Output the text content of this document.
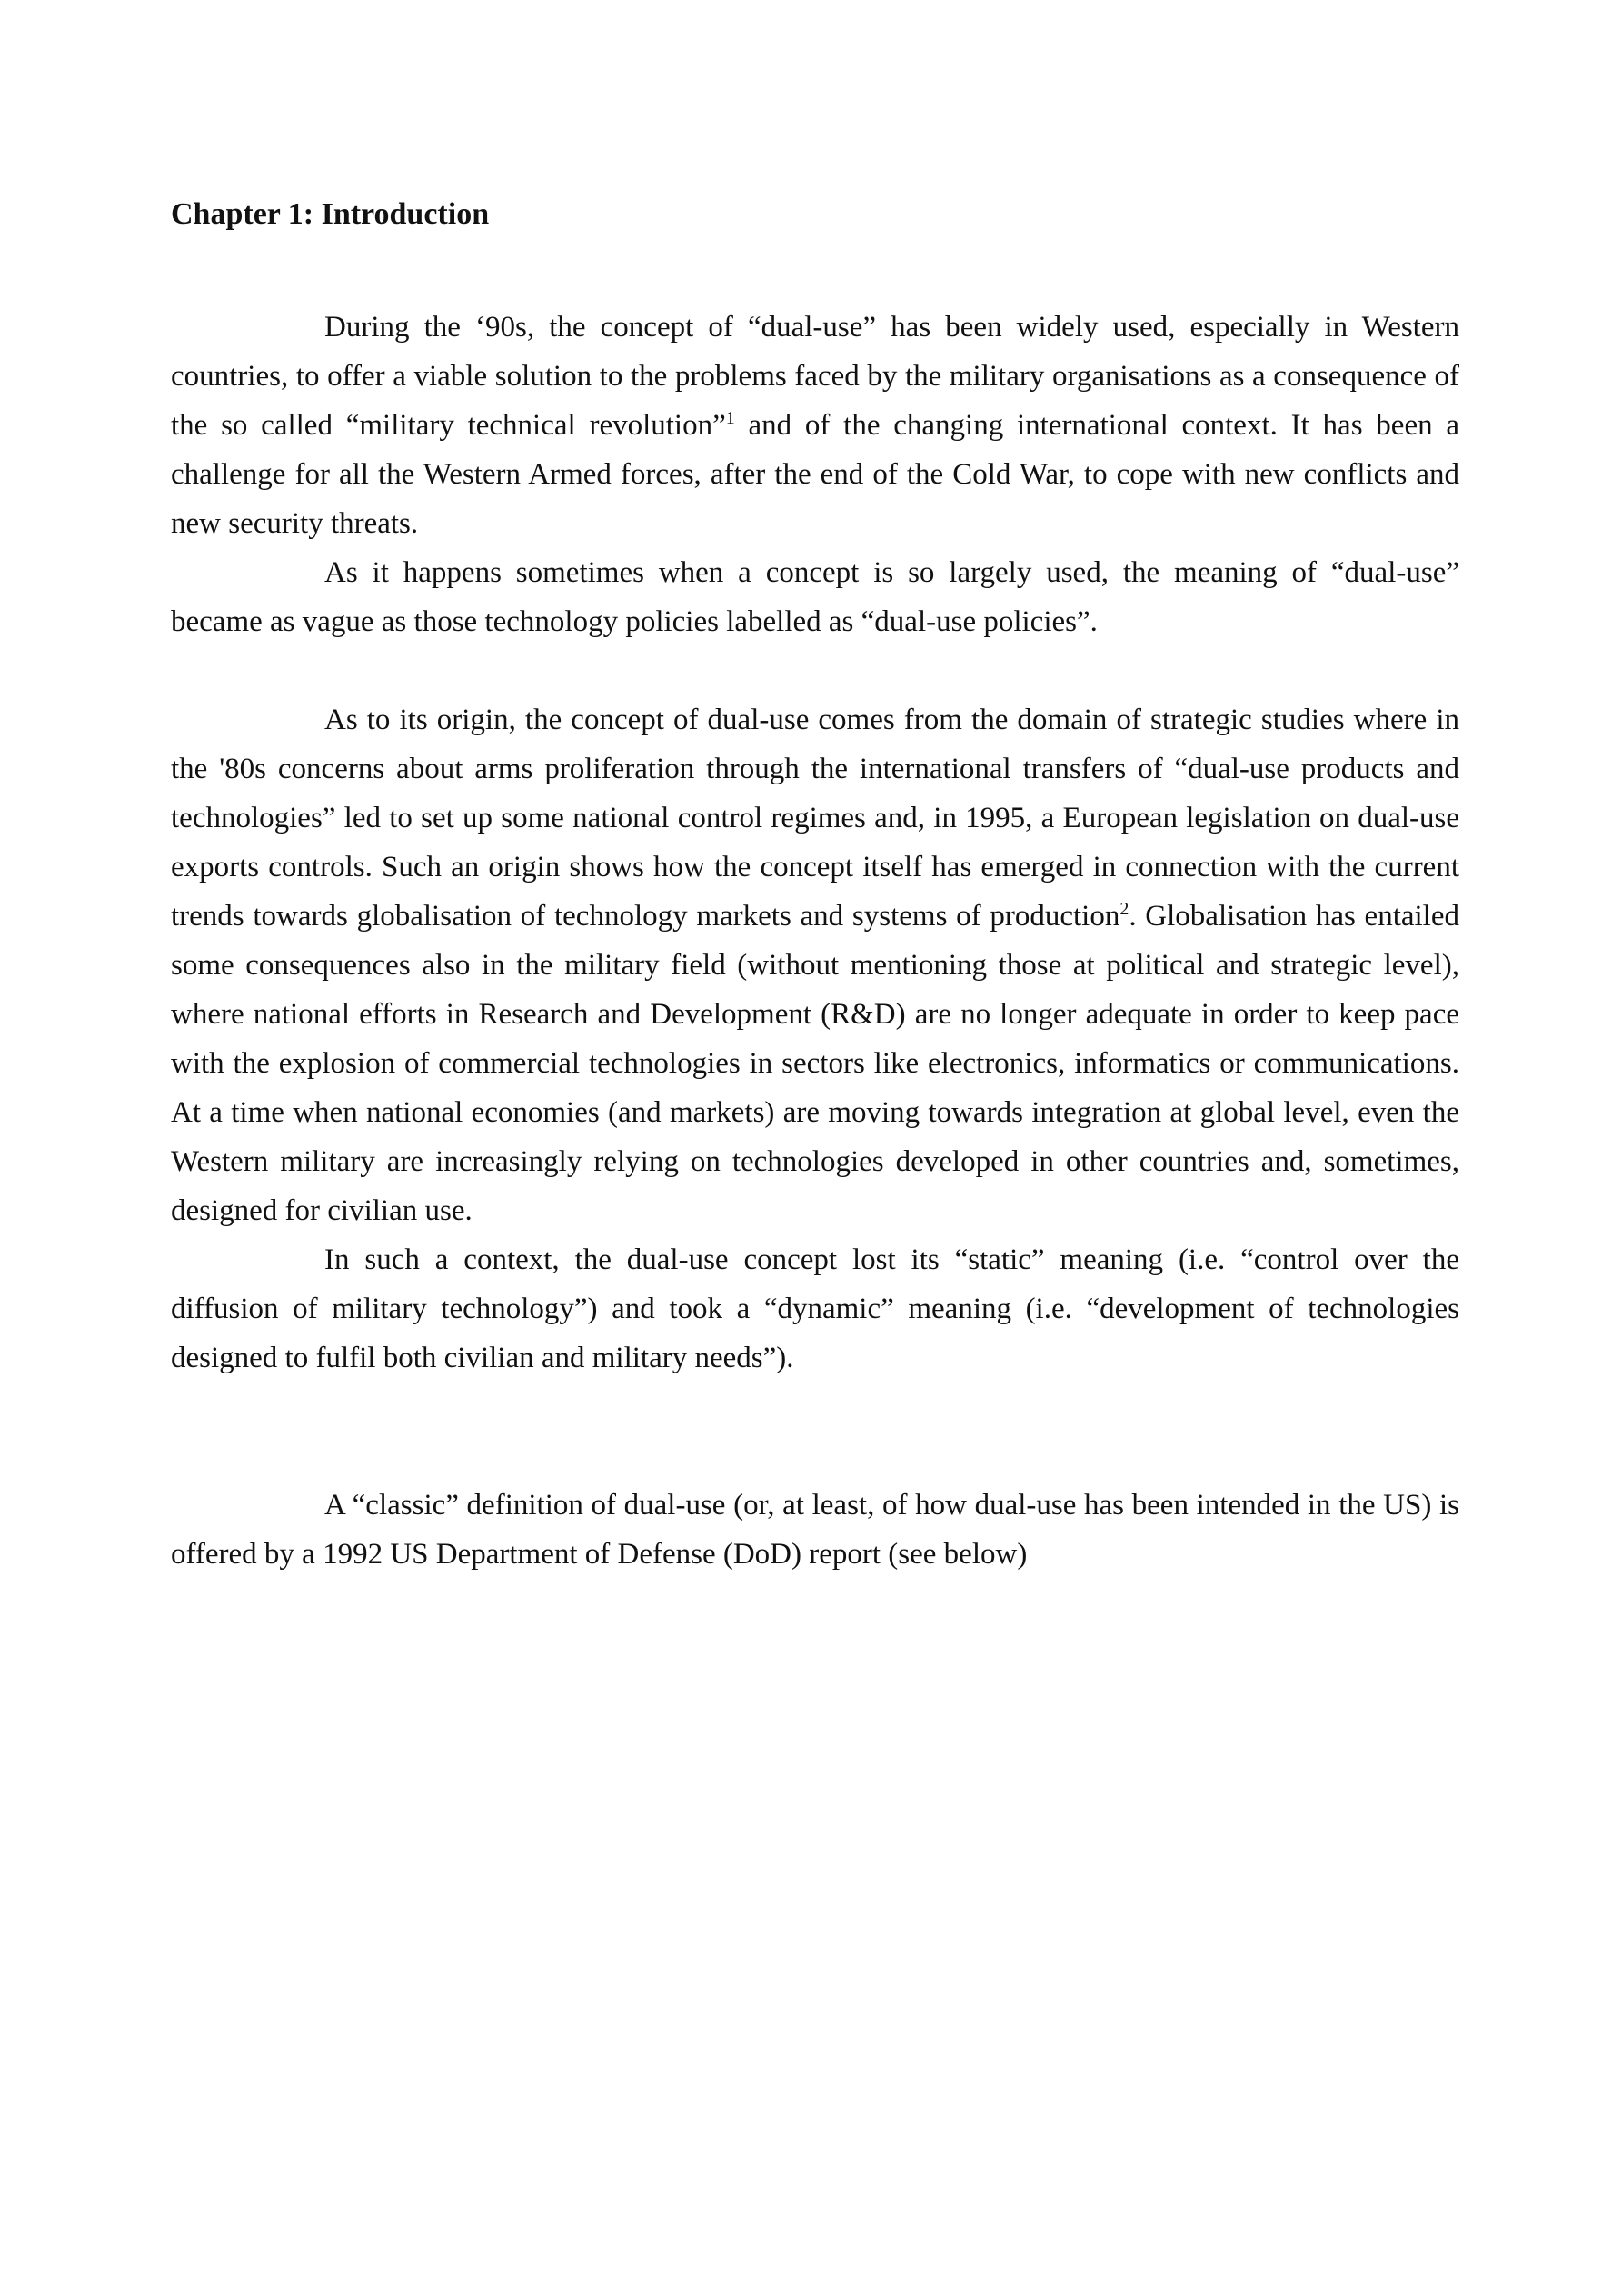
Chapter 1: Introduction

During the ‘90s, the concept of “dual-use” has been widely used, especially in Western countries, to offer a viable solution to the problems faced by the military organisations as a consequence of the so called “military technical revolution”$^1$ and of the changing international context. It has been a challenge for all the Western Armed forces, after the end of the Cold War, to cope with new conflicts and new security threats.

As it happens sometimes when a concept is so largely used, the meaning of “dual-use” became as vague as those technology policies labelled as “dual-use policies”.

As to its origin, the concept of dual-use comes from the domain of strategic studies where in the '80s concerns about arms proliferation through the international transfers of “dual-use products and technologies” led to set up some national control regimes and, in 1995, a European legislation on dual-use exports controls. Such an origin shows how the concept itself has emerged in connection with the current trends towards globalisation of technology markets and systems of production$^2$. Globalisation has entailed some consequences also in the military field (without mentioning those at political and strategic level), where national efforts in Research and Development (R&D) are no longer adequate in order to keep pace with the explosion of commercial technologies in sectors like electronics, informatics or communications. At a time when national economies (and markets) are moving towards integration at global level, even the Western military are increasingly relying on technologies developed in other countries and, sometimes, designed for civilian use.

In such a context, the dual-use concept lost its “static” meaning (i.e. “control over the diffusion of military technology”) and took a “dynamic” meaning (i.e. “development of technologies designed to fulfil both civilian and military needs”).

A “classic” definition of dual-use (or, at least, of how dual-use has been intended in the US) is offered by a 1992 US Department of Defense (DoD) report (see below)
